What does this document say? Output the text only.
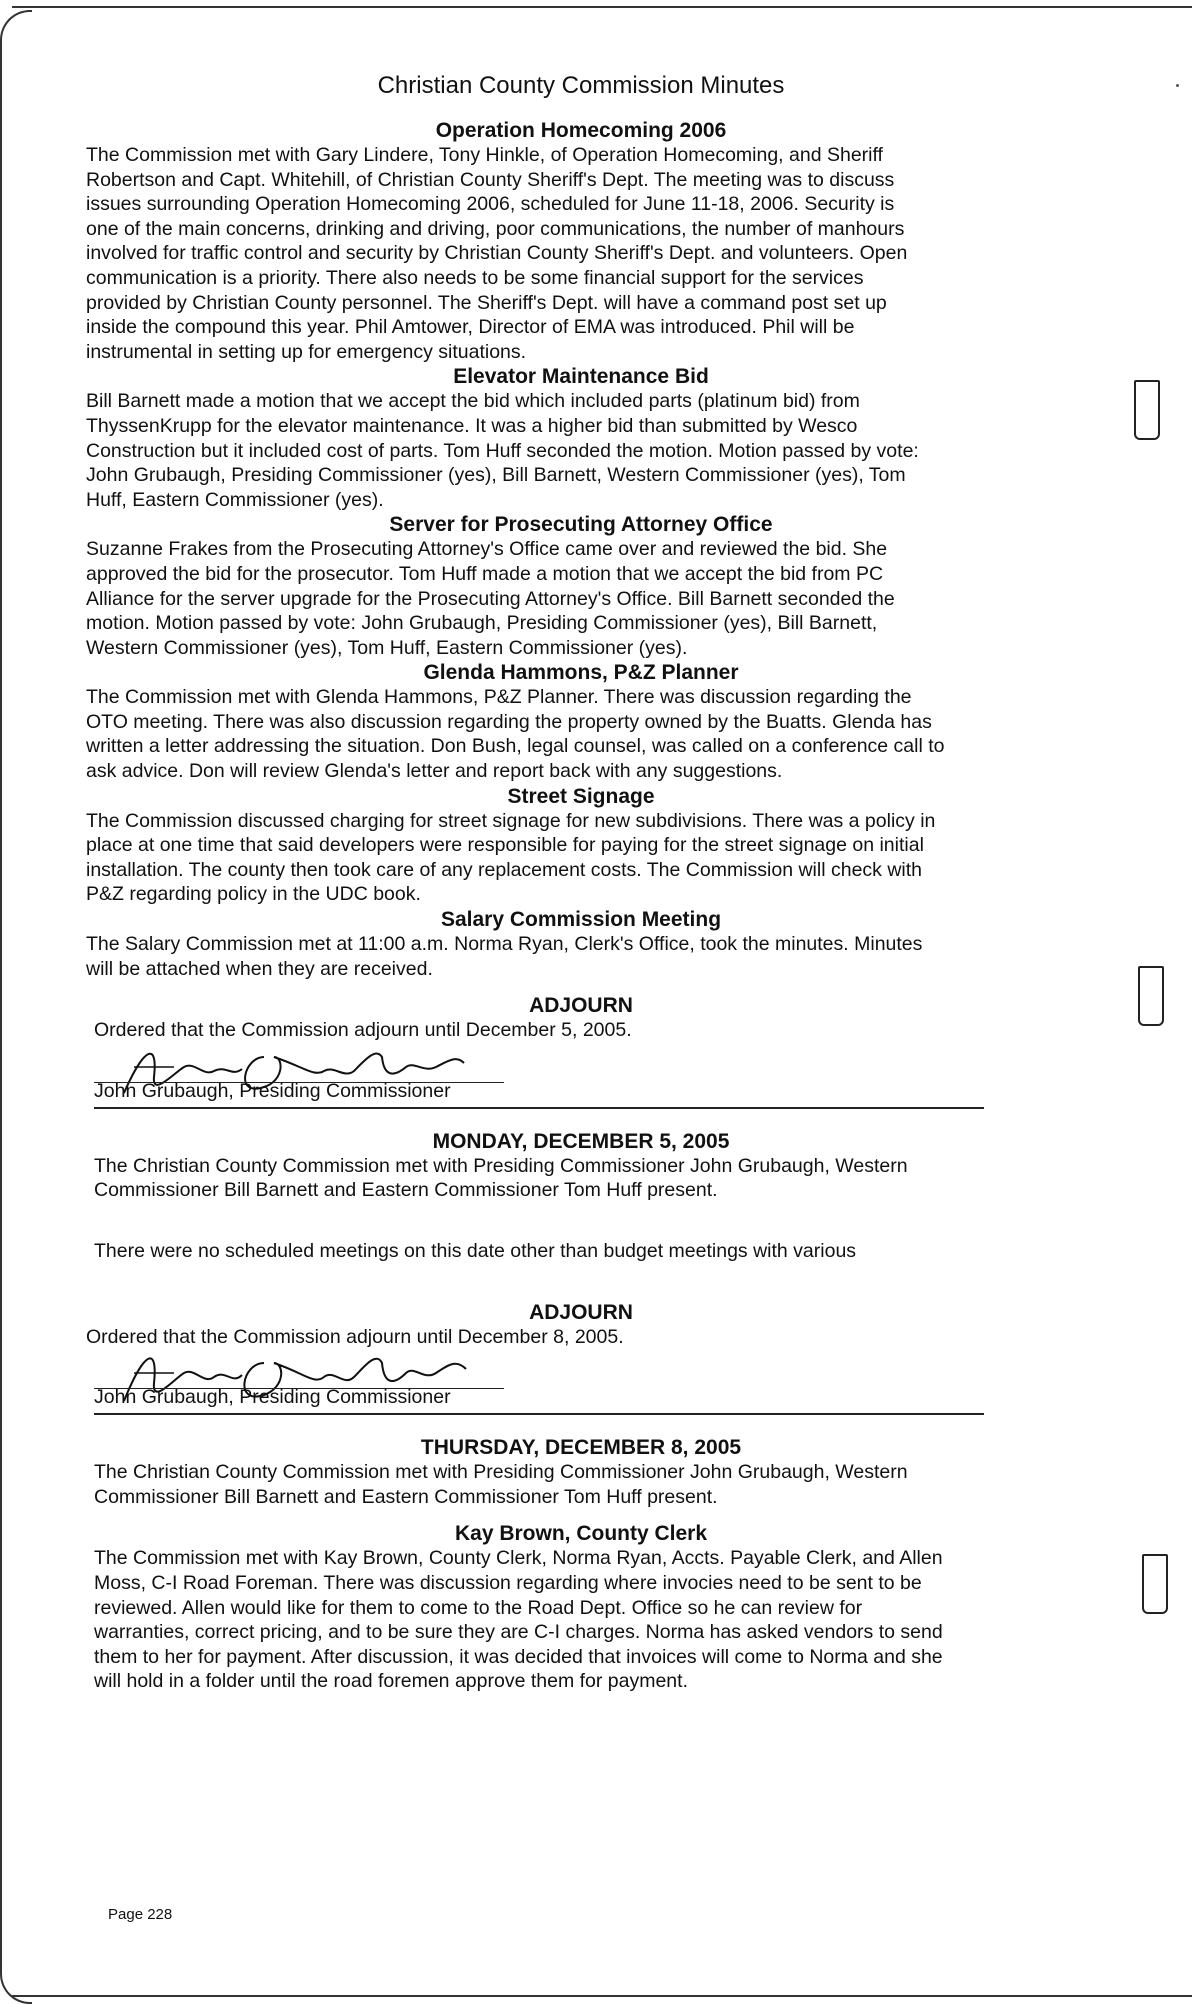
Christian County Commission Minutes
Operation Homecoming 2006
The Commission met with Gary Lindere, Tony Hinkle, of Operation Homecoming, and Sheriff
Robertson and Capt. Whitehill, of Christian County Sheriff's Dept. The meeting was to discuss
issues surrounding Operation Homecoming 2006, scheduled for June 11-18, 2006. Security is
one of the main concerns, drinking and driving, poor communications, the number of manhours
involved for traffic control and security by Christian County Sheriff's Dept. and volunteers. Open
communication is a priority. There also needs to be some financial support for the services
provided by Christian County personnel. The Sheriff's Dept. will have a command post set up
inside the compound this year. Phil Amtower, Director of EMA was introduced. Phil will be
instrumental in setting up for emergency situations.
Elevator Maintenance Bid
Bill Barnett made a motion that we accept the bid which included parts (platinum bid) from
ThyssenKrupp for the elevator maintenance. It was a higher bid than submitted by Wesco
Construction but it included cost of parts. Tom Huff seconded the motion. Motion passed by vote:
John Grubaugh, Presiding Commissioner (yes), Bill Barnett, Western Commissioner (yes), Tom
Huff, Eastern Commissioner (yes).
Server for Prosecuting Attorney Office
Suzanne Frakes from the Prosecuting Attorney's Office came over and reviewed the bid. She
approved the bid for the prosecutor. Tom Huff made a motion that we accept the bid from PC
Alliance for the server upgrade for the Prosecuting Attorney's Office. Bill Barnett seconded the
motion. Motion passed by vote: John Grubaugh, Presiding Commissioner (yes), Bill Barnett,
Western Commissioner (yes), Tom Huff, Eastern Commissioner (yes).
Glenda Hammons, P&Z Planner
The Commission met with Glenda Hammons, P&Z Planner. There was discussion regarding the
OTO meeting. There was also discussion regarding the property owned by the Buatts. Glenda has
written a letter addressing the situation. Don Bush, legal counsel, was called on a conference call to
ask advice. Don will review Glenda's letter and report back with any suggestions.
Street Signage
The Commission discussed charging for street signage for new subdivisions. There was a policy in
place at one time that said developers were responsible for paying for the street signage on initial
installation. The county then took care of any replacement costs. The Commission will check with
P&Z regarding policy in the UDC book.
Salary Commission Meeting
The Salary Commission met at 11:00 a.m. Norma Ryan, Clerk's Office, took the minutes. Minutes
will be attached when they are received.
ADJOURN
Ordered that the Commission adjourn until December 5, 2005.
John Grubaugh, Presiding Commissioner
MONDAY, DECEMBER 5, 2005
The Christian County Commission met with Presiding Commissioner John Grubaugh, Western
Commissioner Bill Barnett and Eastern Commissioner Tom Huff present.
There were no scheduled meetings on this date other than budget meetings with various
ADJOURN
Ordered that the Commission adjourn until December 8, 2005.
John Grubaugh, Presiding Commissioner
THURSDAY, DECEMBER 8, 2005
The Christian County Commission met with Presiding Commissioner John Grubaugh, Western
Commissioner Bill Barnett and Eastern Commissioner Tom Huff present.
Kay Brown, County Clerk
The Commission met with Kay Brown, County Clerk, Norma Ryan, Accts. Payable Clerk, and Allen
Moss, C-I Road Foreman. There was discussion regarding where invocies need to be sent to be
reviewed. Allen would like for them to come to the Road Dept. Office so he can review for
warranties, correct pricing, and to be sure they are C-I charges. Norma has asked vendors to send
them to her for payment. After discussion, it was decided that invoices will come to Norma and she
will hold in a folder until the road foremen approve them for payment.
Page 228
